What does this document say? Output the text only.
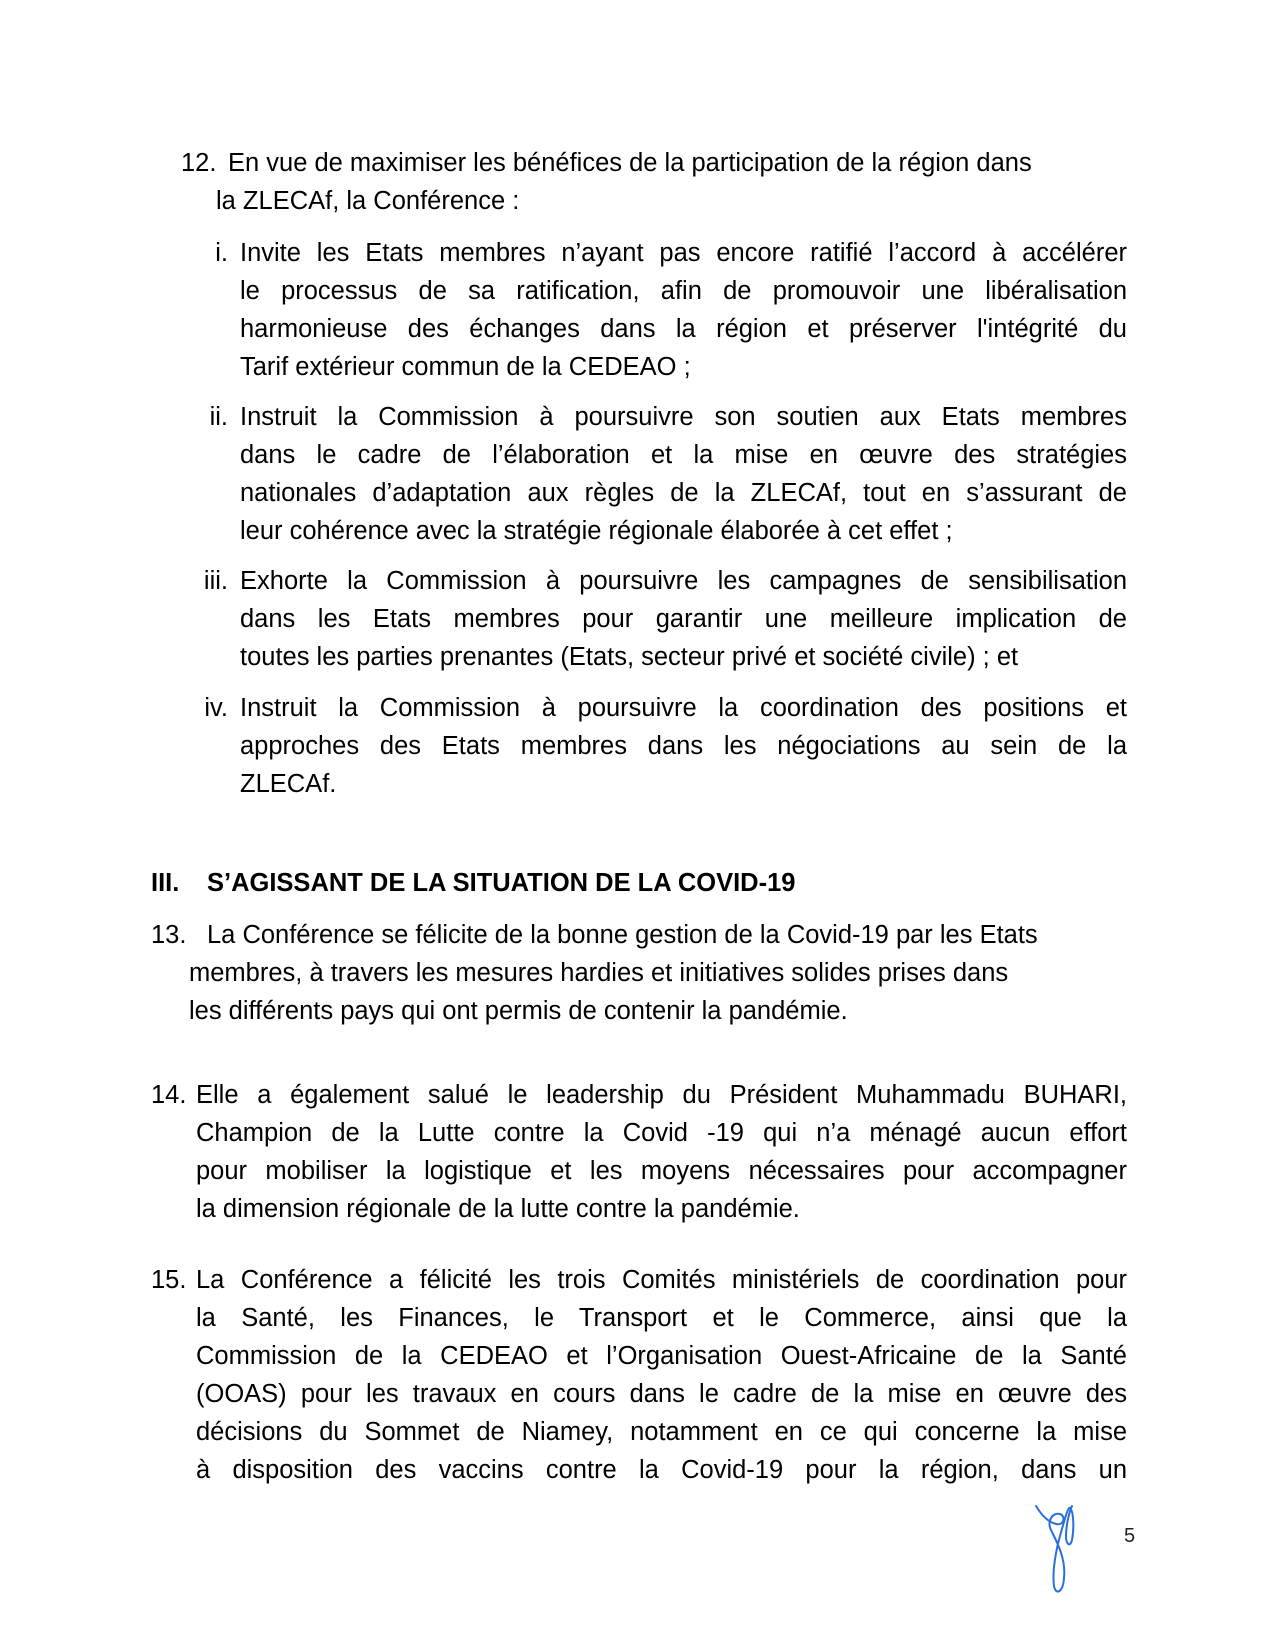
12. En vue de maximiser les bénéfices de la participation de la région dans
la ZLECAf, la Conférence :
i. Invite les Etats membres n’ayant pas encore ratifié l’accord à accélérer
le processus de sa ratification, afin de promouvoir une libéralisation
harmonieuse des échanges dans la région et préserver l'intégrité du
Tarif extérieur commun de la CEDEAO ;
ii. Instruit la Commission à poursuivre son soutien aux Etats membres
dans le cadre de l’élaboration et la mise en œuvre des stratégies
nationales d’adaptation aux règles de la ZLECAf, tout en s’assurant de
leur cohérence avec la stratégie régionale élaborée à cet effet ;
iii. Exhorte la Commission à poursuivre les campagnes de sensibilisation
dans les Etats membres pour garantir une meilleure implication de
toutes les parties prenantes (Etats, secteur privé et société civile) ; et
iv. Instruit la Commission à poursuivre la coordination des positions et
approches des Etats membres dans les négociations au sein de la
ZLECAf.
III. S’AGISSANT DE LA SITUATION DE LA COVID-19
13. La Conférence se félicite de la bonne gestion de la Covid-19 par les Etats
membres, à travers les mesures hardies et initiatives solides prises dans
les différents pays qui ont permis de contenir la pandémie.
14. Elle a également salué le leadership du Président Muhammadu BUHARI,
Champion de la Lutte contre la Covid -19 qui n’a ménagé aucun effort
pour mobiliser la logistique et les moyens nécessaires pour accompagner
la dimension régionale de la lutte contre la pandémie.
15. La Conférence a félicité les trois Comités ministériels de coordination pour
la Santé, les Finances, le Transport et le Commerce, ainsi que la
Commission de la CEDEAO et l’Organisation Ouest-Africaine de la Santé
(OOAS) pour les travaux en cours dans le cadre de la mise en œuvre des
décisions du Sommet de Niamey, notamment en ce qui concerne la mise
à disposition des vaccins contre la Covid-19 pour la région, dans un
5
